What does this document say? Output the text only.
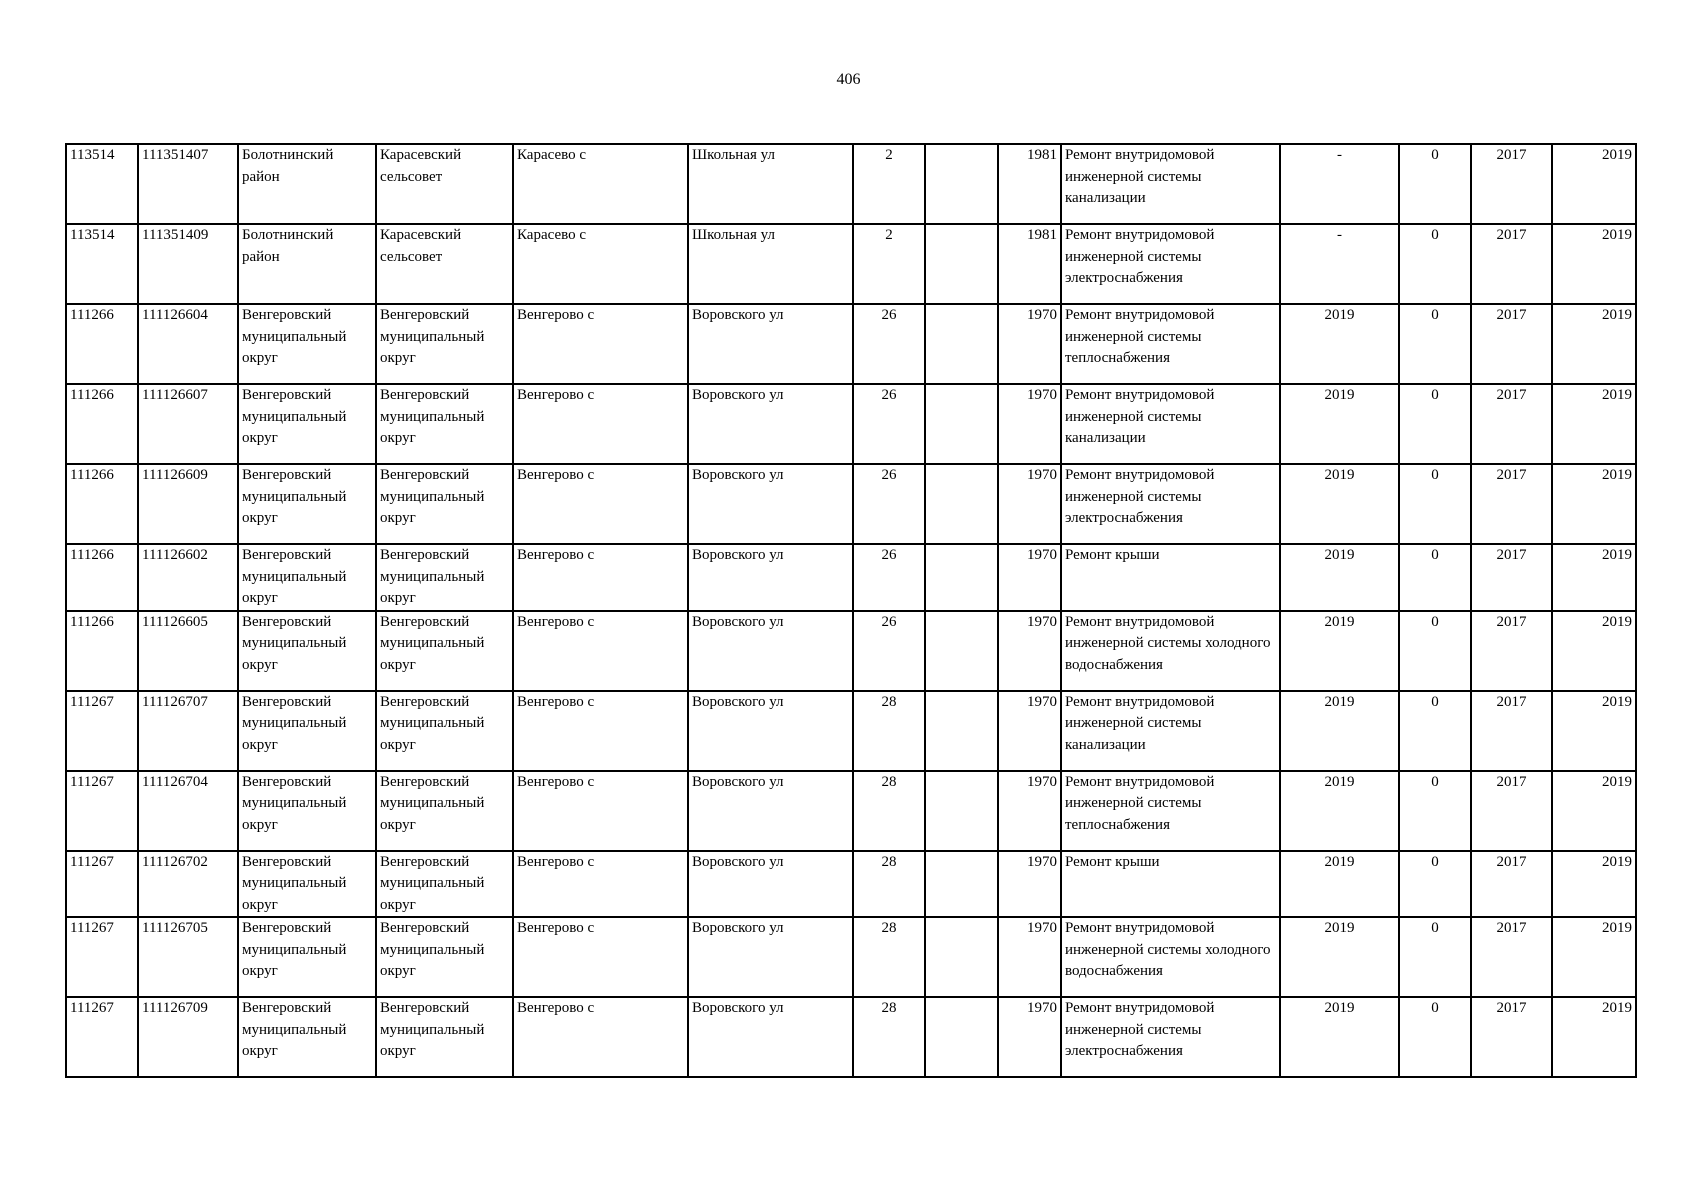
406
113514	111351407	Болотнинский район	Карасевский сельсовет	Карасево с	Школьная ул	2		1981	Ремонт внутридомовой инженерной системы канализации	-	0	2017	2019
113514	111351409	Болотнинский район	Карасевский сельсовет	Карасево с	Школьная ул	2		1981	Ремонт внутридомовой инженерной системы электроснабжения	-	0	2017	2019
111266	111126604	Венгеровский муниципальный округ	Венгеровский муниципальный округ	Венгерово с	Воровского ул	26		1970	Ремонт внутридомовой инженерной системы теплоснабжения	2019	0	2017	2019
111266	111126607	Венгеровский муниципальный округ	Венгеровский муниципальный округ	Венгерово с	Воровского ул	26		1970	Ремонт внутридомовой инженерной системы канализации	2019	0	2017	2019
111266	111126609	Венгеровский муниципальный округ	Венгеровский муниципальный округ	Венгерово с	Воровского ул	26		1970	Ремонт внутридомовой инженерной системы электроснабжения	2019	0	2017	2019
111266	111126602	Венгеровский муниципальный округ	Венгеровский муниципальный округ	Венгерово с	Воровского ул	26		1970	Ремонт крыши	2019	0	2017	2019
111266	111126605	Венгеровский муниципальный округ	Венгеровский муниципальный округ	Венгерово с	Воровского ул	26		1970	Ремонт внутридомовой инженерной системы холодного водоснабжения	2019	0	2017	2019
111267	111126707	Венгеровский муниципальный округ	Венгеровский муниципальный округ	Венгерово с	Воровского ул	28		1970	Ремонт внутридомовой инженерной системы канализации	2019	0	2017	2019
111267	111126704	Венгеровский муниципальный округ	Венгеровский муниципальный округ	Венгерово с	Воровского ул	28		1970	Ремонт внутридомовой инженерной системы теплоснабжения	2019	0	2017	2019
111267	111126702	Венгеровский муниципальный округ	Венгеровский муниципальный округ	Венгерово с	Воровского ул	28		1970	Ремонт крыши	2019	0	2017	2019
111267	111126705	Венгеровский муниципальный округ	Венгеровский муниципальный округ	Венгерово с	Воровского ул	28		1970	Ремонт внутридомовой инженерной системы холодного водоснабжения	2019	0	2017	2019
111267	111126709	Венгеровский муниципальный округ	Венгеровский муниципальный округ	Венгерово с	Воровского ул	28		1970	Ремонт внутридомовой инженерной системы электроснабжения	2019	0	2017	2019
